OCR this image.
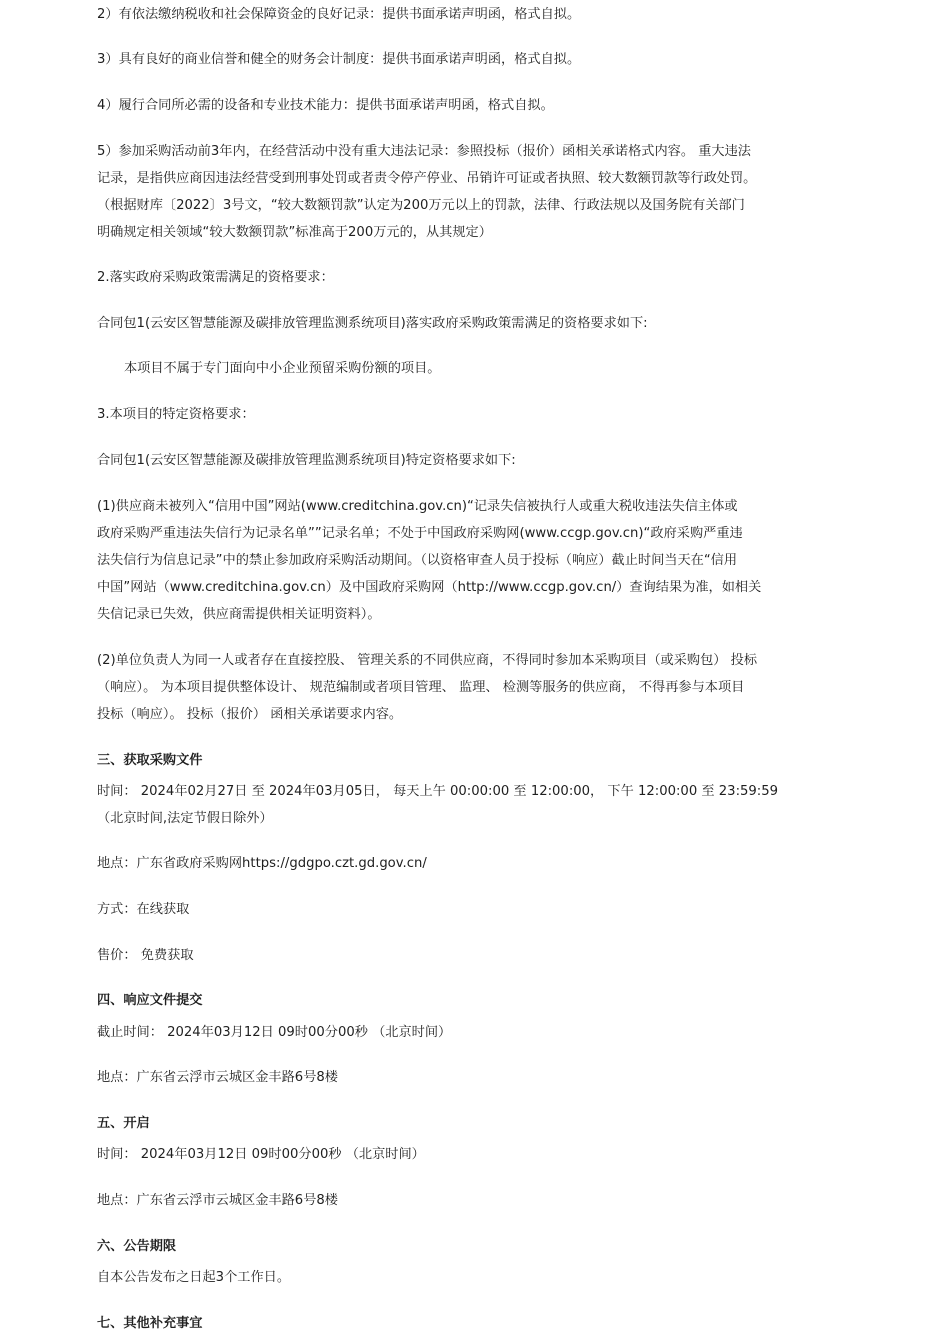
2）有依法缴纳税收和社会保障资金的良好记录：提供书面承诺声明函，格式自拟。
3）具有良好的商业信誉和健全的财务会计制度：提供书面承诺声明函，格式自拟。
4）履行合同所必需的设备和专业技术能力：提供书面承诺声明函，格式自拟。
5）参加采购活动前3年内，在经营活动中没有重大违法记录：参照投标（报价）函相关承诺格式内容。 重大违法
记录，是指供应商因违法经营受到刑事处罚或者责令停产停业、吊销许可证或者执照、较大数额罚款等行政处罚。
（根据财库〔2022〕3号文，“较大数额罚款”认定为200万元以上的罚款，法律、行政法规以及国务院有关部门
明确规定相关领域“较大数额罚款”标准高于200万元的，从其规定）
2.落实政府采购政策需满足的资格要求：
合同包1(云安区智慧能源及碳排放管理监测系统项目)落实政府采购政策需满足的资格要求如下:
本项目不属于专门面向中小企业预留采购份额的项目。
3.本项目的特定资格要求：
合同包1(云安区智慧能源及碳排放管理监测系统项目)特定资格要求如下:
(1)供应商未被列入“信用中国”网站(www.creditchina.gov.cn)“记录失信被执行人或重大税收违法失信主体或
政府采购严重违法失信行为记录名单””记录名单；不处于中国政府采购网(www.ccgp.gov.cn)“政府采购严重违
法失信行为信息记录”中的禁止参加政府采购活动期间。（以资格审查人员于投标（响应）截止时间当天在“信用
中国”网站（www.creditchina.gov.cn）及中国政府采购网（http://www.ccgp.gov.cn/）查询结果为准，如相关
失信记录已失效，供应商需提供相关证明资料）。
(2)单位负责人为同一人或者存在直接控股、 管理关系的不同供应商，不得同时参加本采购项目（或采购包） 投标
（响应）。 为本项目提供整体设计、 规范编制或者项目管理、 监理、 检测等服务的供应商， 不得再参与本项目
投标（响应）。 投标（报价） 函相关承诺要求内容。
三、获取采购文件
时间： 2024年02月27日 至 2024年03月05日， 每天上午 00:00:00 至 12:00:00， 下午 12:00:00 至 23:59:59
（北京时间,法定节假日除外）
地点：广东省政府采购网https://gdgpo.czt.gd.gov.cn/
方式：在线获取
售价： 免费获取
四、响应文件提交
截止时间： 2024年03月12日 09时00分00秒 （北京时间）
地点：广东省云浮市云城区金丰路6号8楼
五、开启
时间： 2024年03月12日 09时00分00秒 （北京时间）
地点：广东省云浮市云城区金丰路6号8楼
六、公告期限
自本公告发布之日起3个工作日。
七、其他补充事宜
